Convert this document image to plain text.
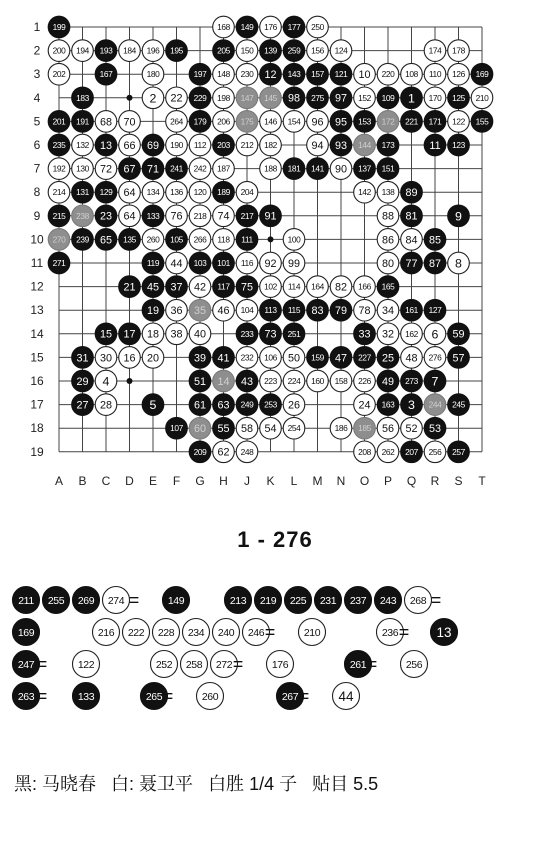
1
2
3
4
5
6
7
8
9
10
11
12
13
14
15
16
17
18
19
A B C D E F G H J K L M N O P Q R S T
199	168 149 176 177 250
200 194 193 184 196 195	205 150 139 259 156 124	174 178
202	167	180	197 148 230 12 143 157 121 10 220 108 110 126 169
183	2 22 229 198 147 145 98 275 97 152 109 1 170 125 210
201 191 68 70	264 179 206 175 146 154 96 95 153 172 221 171 122 155
235 132 13 66 69 190 112 203 212 182	94 93 144 173	11 123
192 130 72 67 71 241 242 187	188 181 141 90 137 151
214 131 129 64 134 136 120 189 204	142 138 89
215 238 23 64 133 76 218 74 217 91	88 81	9
270 239 65 135 260 105 266 118 111	100	86 84 85
271	119 44 103 101 116 92 99	80 77 87 8
21 45 37 42 117 75 102 114 164 82 166 165
19 36 35 46 104 113 115 83 79 78 34 161 127
15 17 18 38 40	233 73 251	33 32 162 6 59
31 30 16 20	39 41 232 106 50 159 47 227 25 48 276 57
29 4	51 14 43 223 224 160 158 226 49 273 7
27 28	5	61 63 249 253 26	24 163 3 244 245
107 60 55 58 54 254	186 185 56 52 53
209 62 248	208 262 207 256 257
1 - 276
211 255 269 274 =	149	213 219 225 231 237 243 268 =
169	216 222 228 234 240 246 =	210	236 = 13
247 =	122	252 258 272 =	176	261 =	256
263 =	133	265 =	260	267 = 44
黑: 马晓春 白: 聂卫平 白胜 1/4 子 贴目 5.5
